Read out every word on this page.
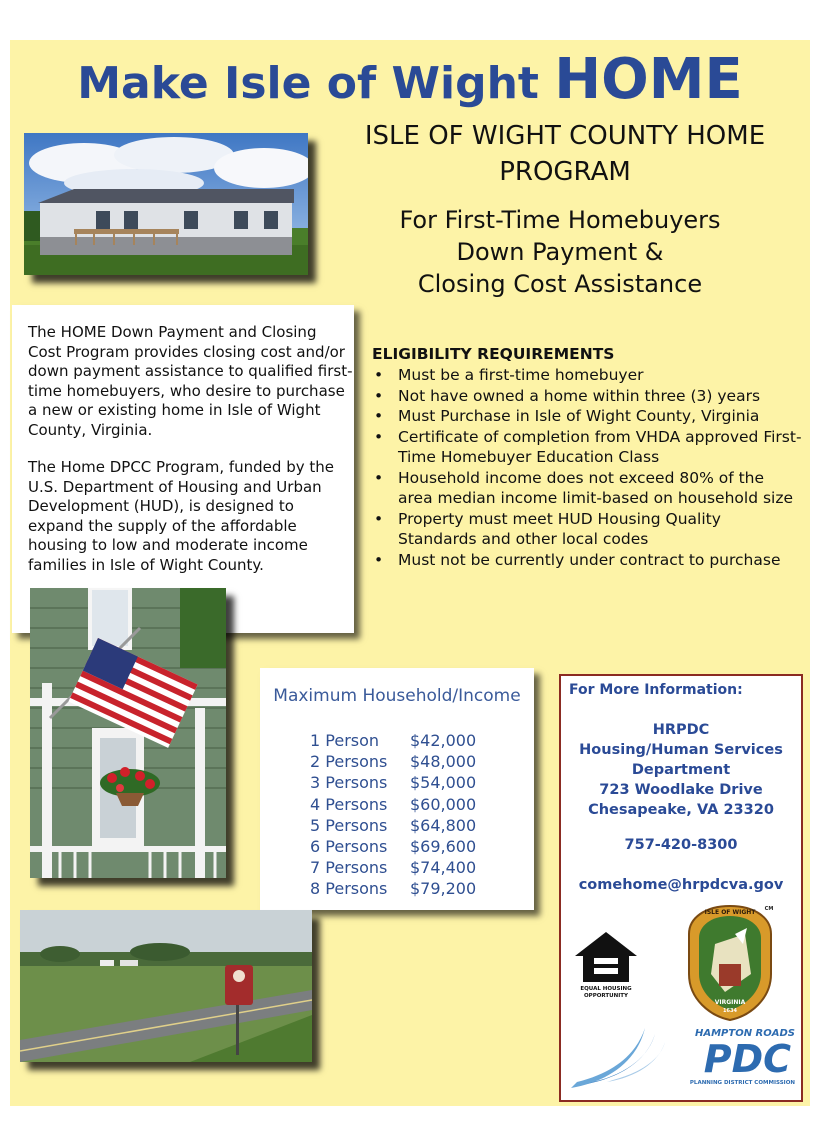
Make Isle of Wight HOME
ISLE OF WIGHT COUNTY HOME
PROGRAM
For First-Time Homebuyers
Down Payment &
Closing Cost Assistance

The HOME Down Payment and Closing Cost Program provides closing cost and/or down payment assistance to qualified first-time homebuyers, who desire to purchase a new or existing home in Isle of Wight County, Virginia.

The Home DPCC Program, funded by the U.S. Department of Housing and Urban Development (HUD), is designed to expand the supply of the affordable housing to low and moderate income families in Isle of Wight County.

ELIGIBILITY REQUIREMENTS
• Must be a first-time homebuyer
• Not have owned a home within three (3) years
• Must Purchase in Isle of Wight County, Virginia
• Certificate of completion from VHDA approved First-Time Homebuyer Education Class
• Household income does not exceed 80% of the area median income limit-based on household size
• Property must meet HUD Housing Quality Standards and other local codes
• Must not be currently under contract to purchase
Maximum Household/Income
1 Person	$42,000
2 Persons	$48,000
3 Persons	$54,000
4 Persons	$60,000
5 Persons	$64,800
6 Persons	$69,600
7 Persons	$74,400
8 Persons	$79,200
For More Information:
HRPDC
Housing/Human Services
Department
723 Woodlake Drive
Chesapeake, VA 23320
757-420-8300
comehome@hrpdcva.gov
EQUAL HOUSING
OPPORTUNITY
ISLE OF WIGHT
VIRGINIA
1634
CM
HAMPTON ROADS
PDC
PLANNING DISTRICT COMMISSION
